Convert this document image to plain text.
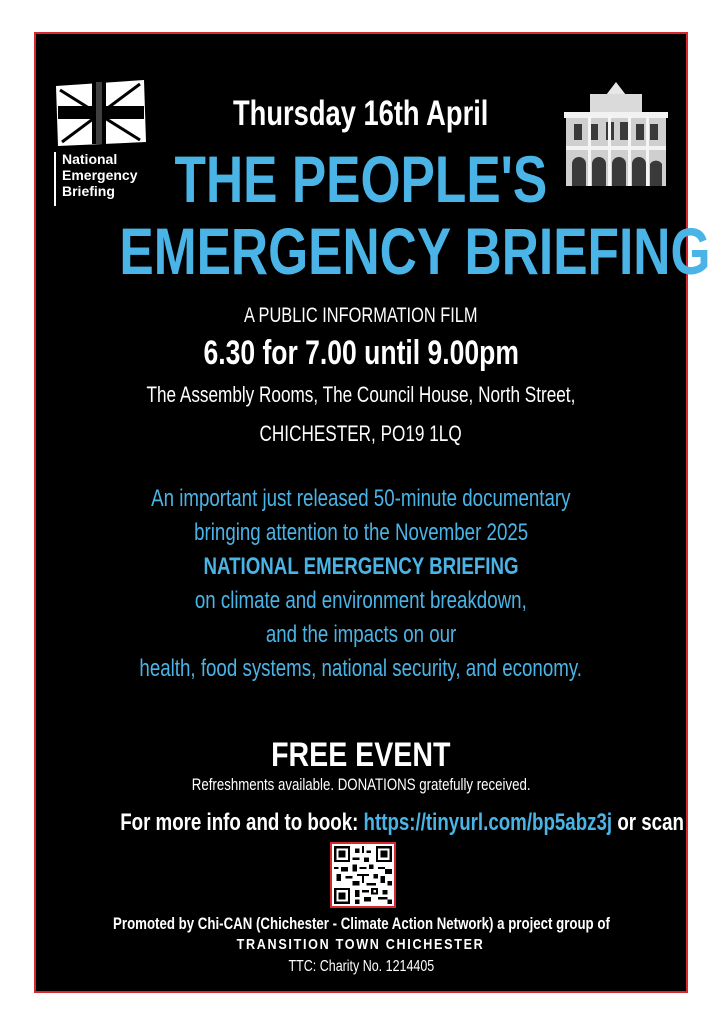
National
Emergency
Briefing
Thursday 16th April
THE PEOPLE'S
EMERGENCY BRIEFING
A PUBLIC INFORMATION FILM
6.30 for 7.00 until 9.00pm
The Assembly Rooms, The Council House, North Street,
CHICHESTER, PO19 1LQ
An important just released 50-minute documentary
bringing attention to the November 2025
NATIONAL EMERGENCY BRIEFING
on climate and environment breakdown,
and the impacts on our
health, food systems, national security, and economy.
FREE EVENT
Refreshments available. DONATIONS gratefully received.
For more info and to book: https://tinyurl.com/bp5abz3j or scan QR
Promoted by Chi-CAN (Chichester - Climate Action Network) a project group of
TRANSITION TOWN CHICHESTER
TTC: Charity No. 1214405
